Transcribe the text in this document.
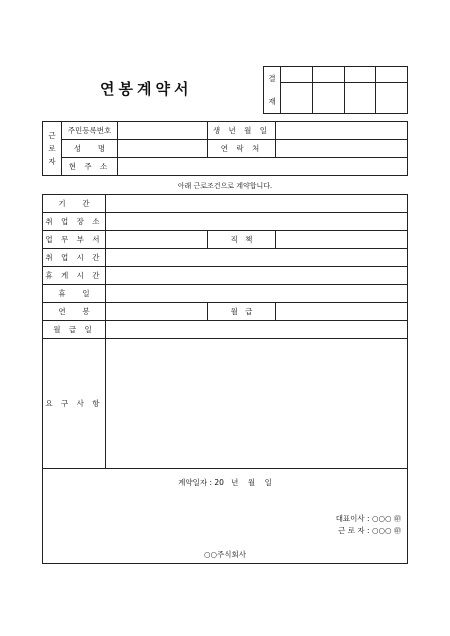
연봉계약서
결
재				

근
로
자	주민등록번호		생 년 월 일	
	성       명		연 락 처	
	현 주 소			
아래 근로조건으로 계약합니다.
기       간			
취 업 장 소			
업 무 부 서		직   책	
취 업 시 간			
휴 게 시 간			
휴       일			
연       봉		월   급	
월 급 일			
요 구 사 항			

계약일자 : 20   년    월    일
대표이사 : ○○○ ㊞
근 로 자 : ○○○ ㊞
○○주식회사			
